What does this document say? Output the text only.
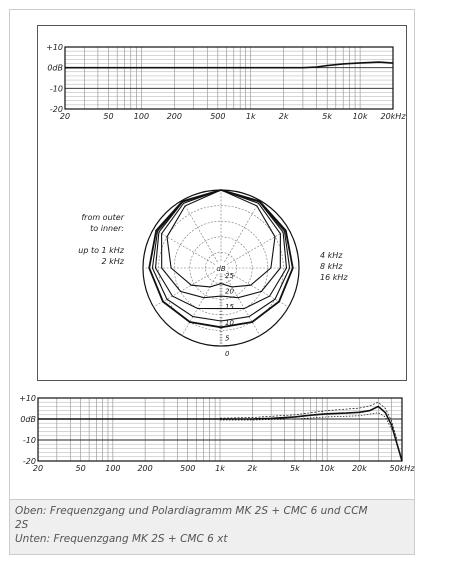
+10
0dB
-10
-20
20	50	100 200	500	1k	2k	5k	10k 20kHz
dB
25
20
15
10
5
0
from outer
to inner:
up to 1 kHz
2 kHz
4 kHz
8 kHz
16 kHz
+10
0dB
-10
-20
20	50 100 200	500 1k	2k	5k 10k 20k	50kHz
Oben: Frequenzgang und Polardiagramm MK 2S + CMC 6 und CCM
2S
Unten: Frequenzgang MK 2S + CMC 6 xt
